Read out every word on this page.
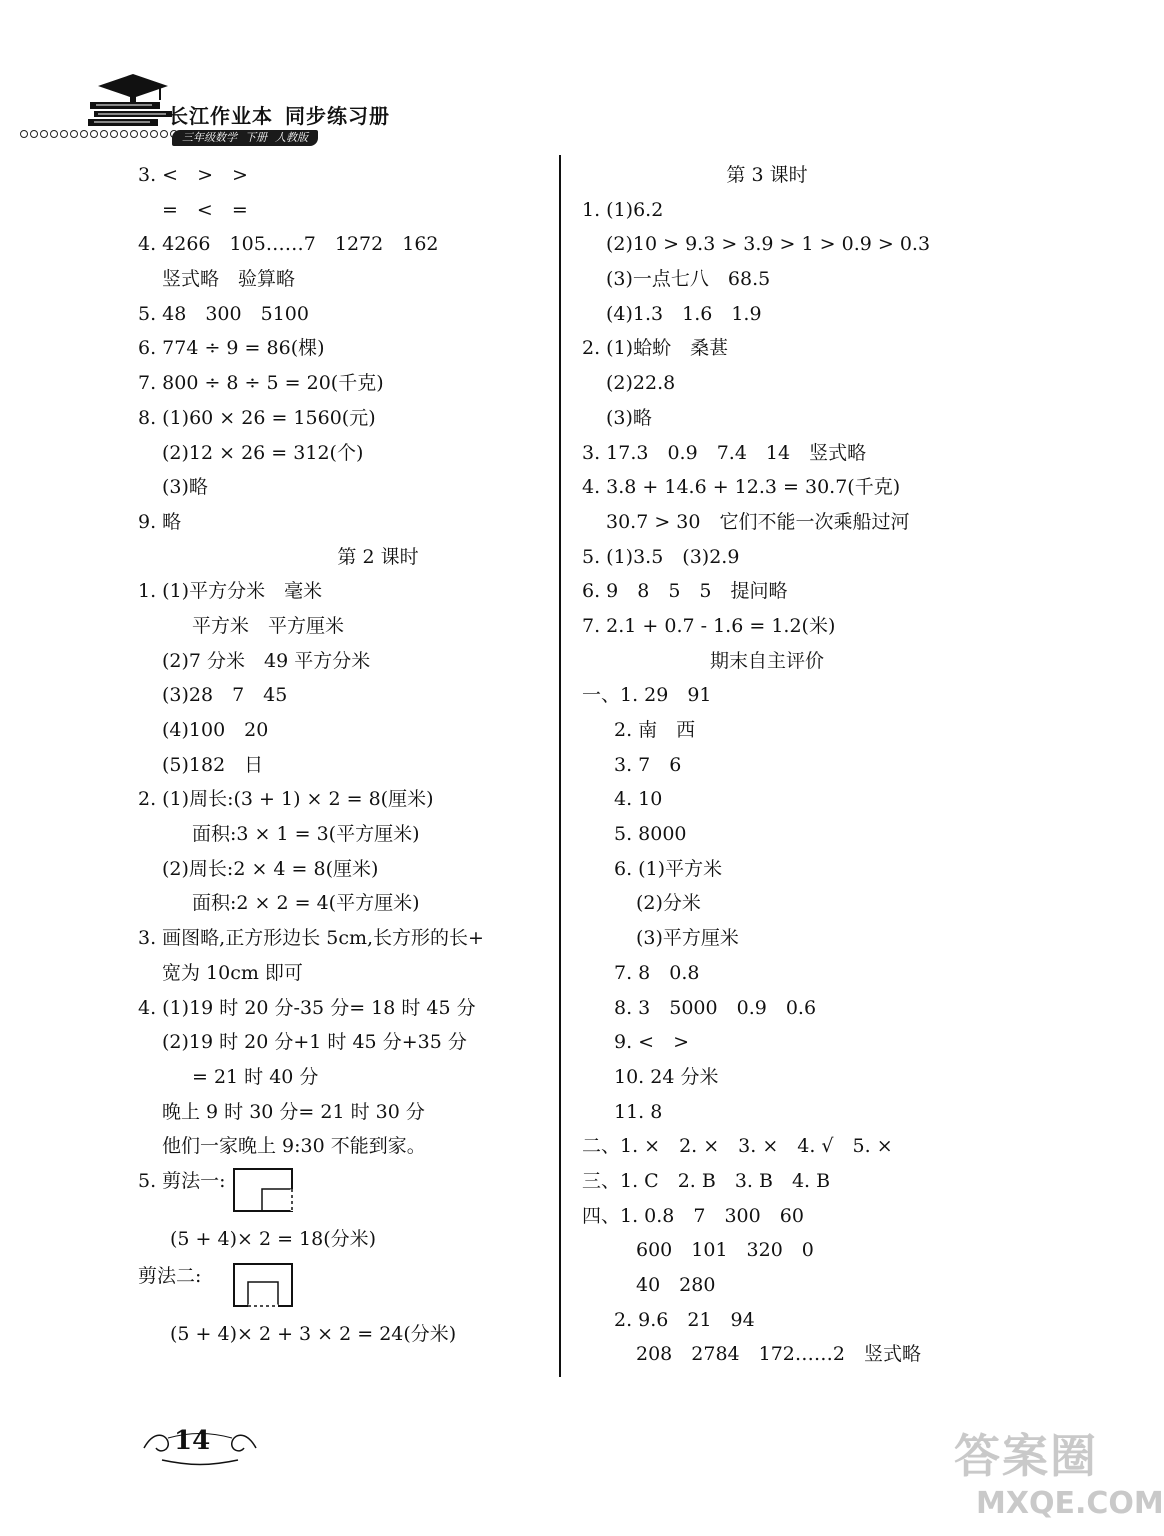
长江作业本 同步练习册
三年级数学 下册 人教版
3. <　>　>
=　<　=
4. 4266　105……7　1272　162
竖式略　验算略
5. 48　300　5100
6. 774 ÷ 9 = 86(棵)
7. 800 ÷ 8 ÷ 5 = 20(千克)
8. (1)60 × 26 = 1560(元)
(2)12 × 26 = 312(个)
(3)略
9. 略
第 2 课时
1. (1)平方分米　毫米
平方米　平方厘米
(2)7 分米　49 平方分米
(3)28　7　45
(4)100　20
(5)182　日
2. (1)周长:(3 + 1) × 2 = 8(厘米)
面积:3 × 1 = 3(平方厘米)
(2)周长:2 × 4 = 8(厘米)
面积:2 × 2 = 4(平方厘米)
3. 画图略,正方形边长 5cm,长方形的长+
宽为 10cm 即可
4. (1)19 时 20 分-35 分= 18 时 45 分
(2)19 时 20 分+1 时 45 分+35 分
= 21 时 40 分
晚上 9 时 30 分= 21 时 30 分
他们一家晚上 9:30 不能到家。
5. 剪法一:
(5 + 4)× 2 = 18(分米)
剪法二:
(5 + 4)× 2 + 3 × 2 = 24(分米)
第 3 课时
1. (1)6.2
(2)10 > 9.3 > 3.9 > 1 > 0.9 > 0.3
(3)一点七八　68.5
(4)1.3　1.6　1.9
2. (1)蛤蚧　桑葚
(2)22.8
(3)略
3. 17.3　0.9　7.4　14　竖式略
4. 3.8 + 14.6 + 12.3 = 30.7(千克)
30.7 > 30　它们不能一次乘船过河
5. (1)3.5　(3)2.9
6. 9　8　5　5　提问略
7. 2.1 + 0.7 - 1.6 = 1.2(米)
期末自主评价
一、1. 29　91
2. 南　西
3. 7　6
4. 10
5. 8000
6. (1)平方米
(2)分米
(3)平方厘米
7. 8　0.8
8. 3　5000　0.9　0.6
9. <　>
10. 24 分米
11. 8
二、1. ×　2. ×　3. ×　4. √　5. ×
三、1. C　2. B　3. B　4. B
四、1. 0.8　7　300　60
600　101　320　0
40　280
2. 9.6　21　94
208　2784　172……2　竖式略
14	答案圈
MXQE.COM
